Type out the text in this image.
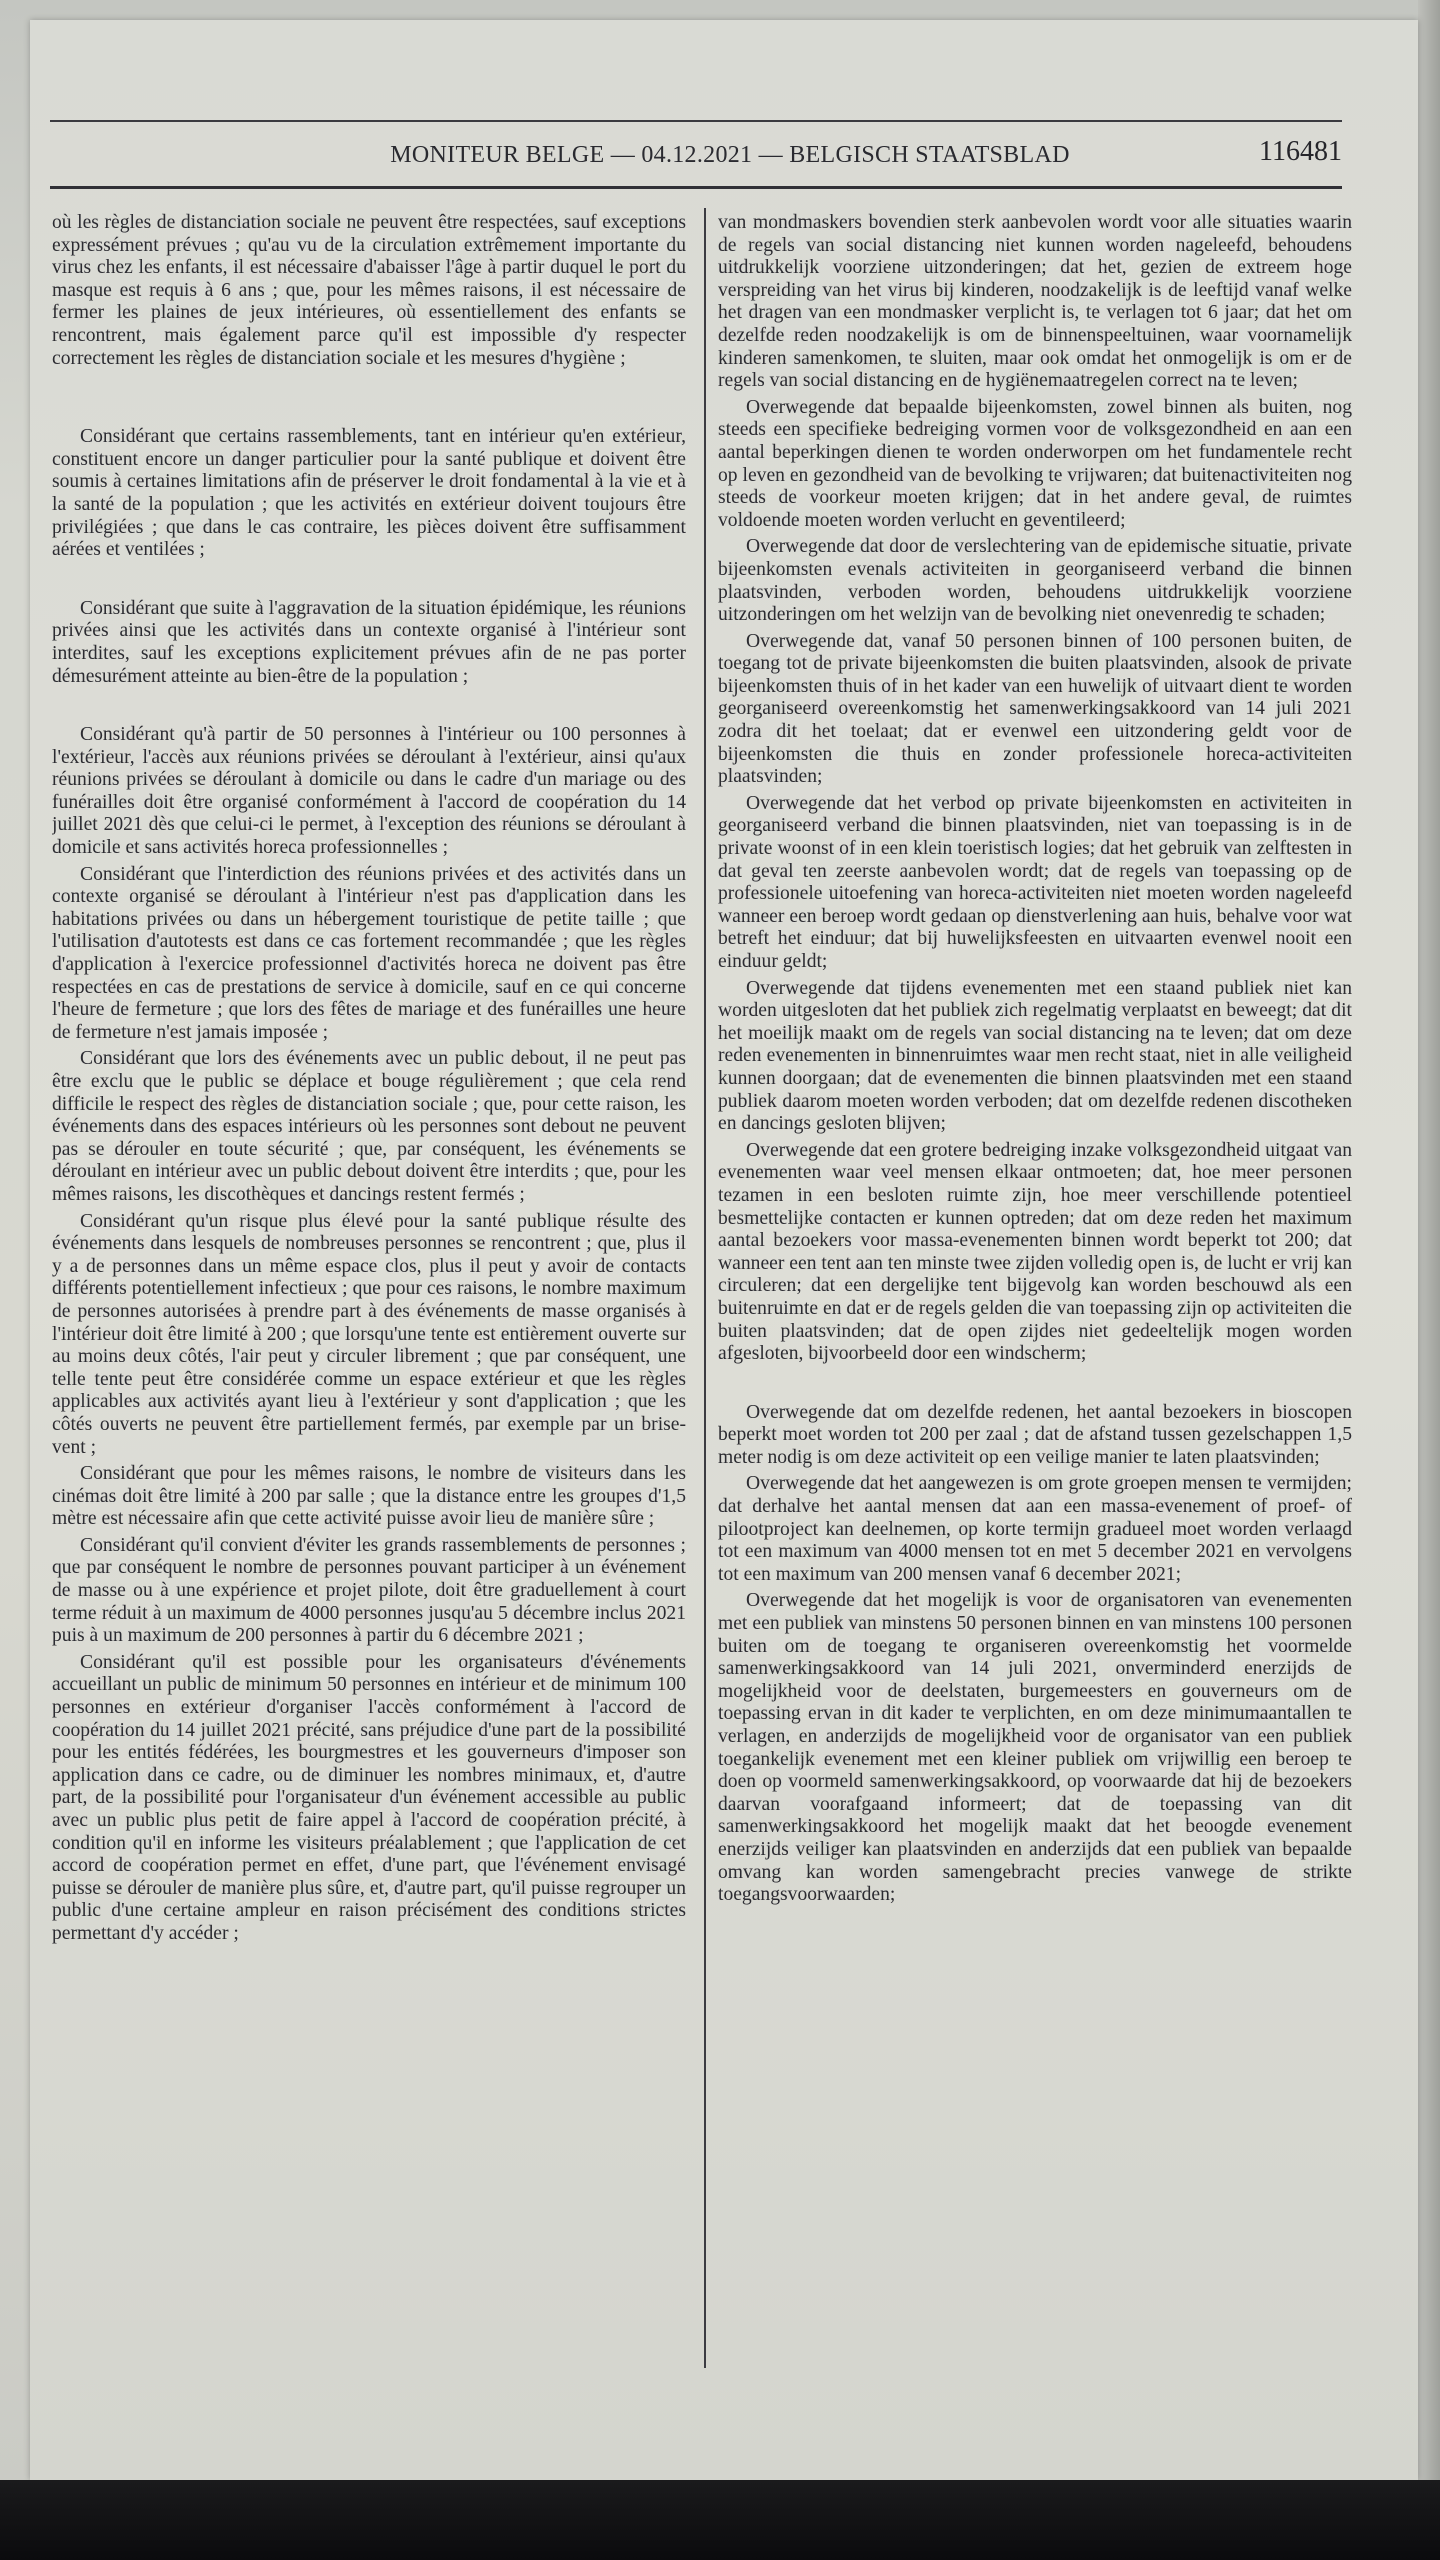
MONITEUR BELGE — 04.12.2021 — BELGISCH STAATSBLAD	116481

où les règles de distanciation sociale ne peuvent être respectées, sauf exceptions expressément prévues ; qu'au vu de la circulation extrêmement importante du virus chez les enfants, il est nécessaire d'abaisser l'âge à partir duquel le port du masque est requis à 6 ans ; que, pour les mêmes raisons, il est nécessaire de fermer les plaines de jeux intérieures, où essentiellement des enfants se rencontrent, mais également parce qu'il est impossible d'y respecter correctement les règles de distanciation sociale et les mesures d'hygiène ;

Considérant que certains rassemblements, tant en intérieur qu'en extérieur, constituent encore un danger particulier pour la santé publique et doivent être soumis à certaines limitations afin de préserver le droit fondamental à la vie et à la santé de la population ; que les activités en extérieur doivent toujours être privilégiées ; que dans le cas contraire, les pièces doivent être suffisamment aérées et ventilées ;

Considérant que suite à l'aggravation de la situation épidémique, les réunions privées ainsi que les activités dans un contexte organisé à l'intérieur sont interdites, sauf les exceptions explicitement prévues afin de ne pas porter démesurément atteinte au bien-être de la population ;

Considérant qu'à partir de 50 personnes à l'intérieur ou 100 personnes à l'extérieur, l'accès aux réunions privées se déroulant à l'extérieur, ainsi qu'aux réunions privées se déroulant à domicile ou dans le cadre d'un mariage ou des funérailles doit être organisé conformément à l'accord de coopération du 14 juillet 2021 dès que celui-ci le permet, à l'exception des réunions se déroulant à domicile et sans activités horeca professionnelles ;

Considérant que l'interdiction des réunions privées et des activités dans un contexte organisé se déroulant à l'intérieur n'est pas d'application dans les habitations privées ou dans un hébergement touristique de petite taille ; que l'utilisation d'autotests est dans ce cas fortement recommandée ; que les règles d'application à l'exercice professionnel d'activités horeca ne doivent pas être respectées en cas de prestations de service à domicile, sauf en ce qui concerne l'heure de fermeture ; que lors des fêtes de mariage et des funérailles une heure de fermeture n'est jamais imposée ;

Considérant que lors des événements avec un public debout, il ne peut pas être exclu que le public se déplace et bouge régulièrement ; que cela rend difficile le respect des règles de distanciation sociale ; que, pour cette raison, les événements dans des espaces intérieurs où les personnes sont debout ne peuvent pas se dérouler en toute sécurité ; que, par conséquent, les événements se déroulant en intérieur avec un public debout doivent être interdits ; que, pour les mêmes raisons, les discothèques et dancings restent fermés ;

Considérant qu'un risque plus élevé pour la santé publique résulte des événements dans lesquels de nombreuses personnes se rencontrent ; que, plus il y a de personnes dans un même espace clos, plus il peut y avoir de contacts différents potentiellement infectieux ; que pour ces raisons, le nombre maximum de personnes autorisées à prendre part à des événements de masse organisés à l'intérieur doit être limité à 200 ; que lorsqu'une tente est entièrement ouverte sur au moins deux côtés, l'air peut y circuler librement ; que par conséquent, une telle tente peut être considérée comme un espace extérieur et que les règles applicables aux activités ayant lieu à l'extérieur y sont d'application ; que les côtés ouverts ne peuvent être partiellement fermés, par exemple par un brise-vent ;

Considérant que pour les mêmes raisons, le nombre de visiteurs dans les cinémas doit être limité à 200 par salle ; que la distance entre les groupes d'1,5 mètre est nécessaire afin que cette activité puisse avoir lieu de manière sûre ;

Considérant qu'il convient d'éviter les grands rassemblements de personnes ; que par conséquent le nombre de personnes pouvant participer à un événement de masse ou à une expérience et projet pilote, doit être graduellement à court terme réduit à un maximum de 4000 personnes jusqu'au 5 décembre inclus 2021 puis à un maximum de 200 personnes à partir du 6 décembre 2021 ;

Considérant qu'il est possible pour les organisateurs d'événements accueillant un public de minimum 50 personnes en intérieur et de minimum 100 personnes en extérieur d'organiser l'accès conformément à l'accord de coopération du 14 juillet 2021 précité, sans préjudice d'une part de la possibilité pour les entités fédérées, les bourgmestres et les gouverneurs d'imposer son application dans ce cadre, ou de diminuer les nombres minimaux, et, d'autre part, de la possibilité pour l'organisateur d'un événement accessible au public avec un public plus petit de faire appel à l'accord de coopération précité, à condition qu'il en informe les visiteurs préalablement ; que l'application de cet accord de coopération permet en effet, d'une part, que l'événement envisagé puisse se dérouler de manière plus sûre, et, d'autre part, qu'il puisse regrouper un public d'une certaine ampleur en raison précisément des conditions strictes permettant d'y accéder ;

van mondmaskers bovendien sterk aanbevolen wordt voor alle situaties waarin de regels van social distancing niet kunnen worden nageleefd, behoudens uitdrukkelijk voorziene uitzonderingen; dat het, gezien de extreem hoge verspreiding van het virus bij kinderen, noodzakelijk is de leeftijd vanaf welke het dragen van een mondmasker verplicht is, te verlagen tot 6 jaar; dat het om dezelfde reden noodzakelijk is om de binnenspeeltuinen, waar voornamelijk kinderen samenkomen, te sluiten, maar ook omdat het onmogelijk is om er de regels van social distancing en de hygiënemaatregelen correct na te leven;

Overwegende dat bepaalde bijeenkomsten, zowel binnen als buiten, nog steeds een specifieke bedreiging vormen voor de volksgezondheid en aan een aantal beperkingen dienen te worden onderworpen om het fundamentele recht op leven en gezondheid van de bevolking te vrijwaren; dat buitenactiviteiten nog steeds de voorkeur moeten krijgen; dat in het andere geval, de ruimtes voldoende moeten worden verlucht en geventileerd;

Overwegende dat door de verslechtering van de epidemische situatie, private bijeenkomsten evenals activiteiten in georganiseerd verband die binnen plaatsvinden, verboden worden, behoudens uitdrukkelijk voorziene uitzonderingen om het welzijn van de bevolking niet onevenredig te schaden;

Overwegende dat, vanaf 50 personen binnen of 100 personen buiten, de toegang tot de private bijeenkomsten die buiten plaatsvinden, alsook de private bijeenkomsten thuis of in het kader van een huwelijk of uitvaart dient te worden georganiseerd overeenkomstig het samenwerkingsakkoord van 14 juli 2021 zodra dit het toelaat; dat er evenwel een uitzondering geldt voor de bijeenkomsten die thuis en zonder professionele horeca-activiteiten plaatsvinden;

Overwegende dat het verbod op private bijeenkomsten en activiteiten in georganiseerd verband die binnen plaatsvinden, niet van toepassing is in de private woonst of in een klein toeristisch logies; dat het gebruik van zelftesten in dat geval ten zeerste aanbevolen wordt; dat de regels van toepassing op de professionele uitoefening van horeca-activiteiten niet moeten worden nageleefd wanneer een beroep wordt gedaan op dienstverlening aan huis, behalve voor wat betreft het einduur; dat bij huwelijksfeesten en uitvaarten evenwel nooit een einduur geldt;

Overwegende dat tijdens evenementen met een staand publiek niet kan worden uitgesloten dat het publiek zich regelmatig verplaatst en beweegt; dat dit het moeilijk maakt om de regels van social distancing na te leven; dat om deze reden evenementen in binnenruimtes waar men recht staat, niet in alle veiligheid kunnen doorgaan; dat de evenementen die binnen plaatsvinden met een staand publiek daarom moeten worden verboden; dat om dezelfde redenen discotheken en dancings gesloten blijven;

Overwegende dat een grotere bedreiging inzake volksgezondheid uitgaat van evenementen waar veel mensen elkaar ontmoeten; dat, hoe meer personen tezamen in een besloten ruimte zijn, hoe meer verschillende potentieel besmettelijke contacten er kunnen optreden; dat om deze reden het maximum aantal bezoekers voor massa-evenementen binnen wordt beperkt tot 200; dat wanneer een tent aan ten minste twee zijden volledig open is, de lucht er vrij kan circuleren; dat een dergelijke tent bijgevolg kan worden beschouwd als een buitenruimte en dat er de regels gelden die van toepassing zijn op activiteiten die buiten plaatsvinden; dat de open zijdes niet gedeeltelijk mogen worden afgesloten, bijvoorbeeld door een windscherm;

Overwegende dat om dezelfde redenen, het aantal bezoekers in bioscopen beperkt moet worden tot 200 per zaal ; dat de afstand tussen gezelschappen 1,5 meter nodig is om deze activiteit op een veilige manier te laten plaatsvinden;

Overwegende dat het aangewezen is om grote groepen mensen te vermijden; dat derhalve het aantal mensen dat aan een massa-evenement of proef- of pilootproject kan deelnemen, op korte termijn gradueel moet worden verlaagd tot een maximum van 4000 mensen tot en met 5 december 2021 en vervolgens tot een maximum van 200 mensen vanaf 6 december 2021;

Overwegende dat het mogelijk is voor de organisatoren van evenementen met een publiek van minstens 50 personen binnen en van minstens 100 personen buiten om de toegang te organiseren overeenkomstig het voormelde samenwerkingsakkoord van 14 juli 2021, onverminderd enerzijds de mogelijkheid voor de deelstaten, burgemeesters en gouverneurs om de toepassing ervan in dit kader te verplichten, en om deze minimumaantallen te verlagen, en anderzijds de mogelijkheid voor de organisator van een publiek toegankelijk evenement met een kleiner publiek om vrijwillig een beroep te doen op voormeld samenwerkingsakkoord, op voorwaarde dat hij de bezoekers daarvan voorafgaand informeert; dat de toepassing van dit samenwerkingsakkoord het mogelijk maakt dat het beoogde evenement enerzijds veiliger kan plaatsvinden en anderzijds dat een publiek van bepaalde omvang kan worden samengebracht precies vanwege de strikte toegangsvoorwaarden;
